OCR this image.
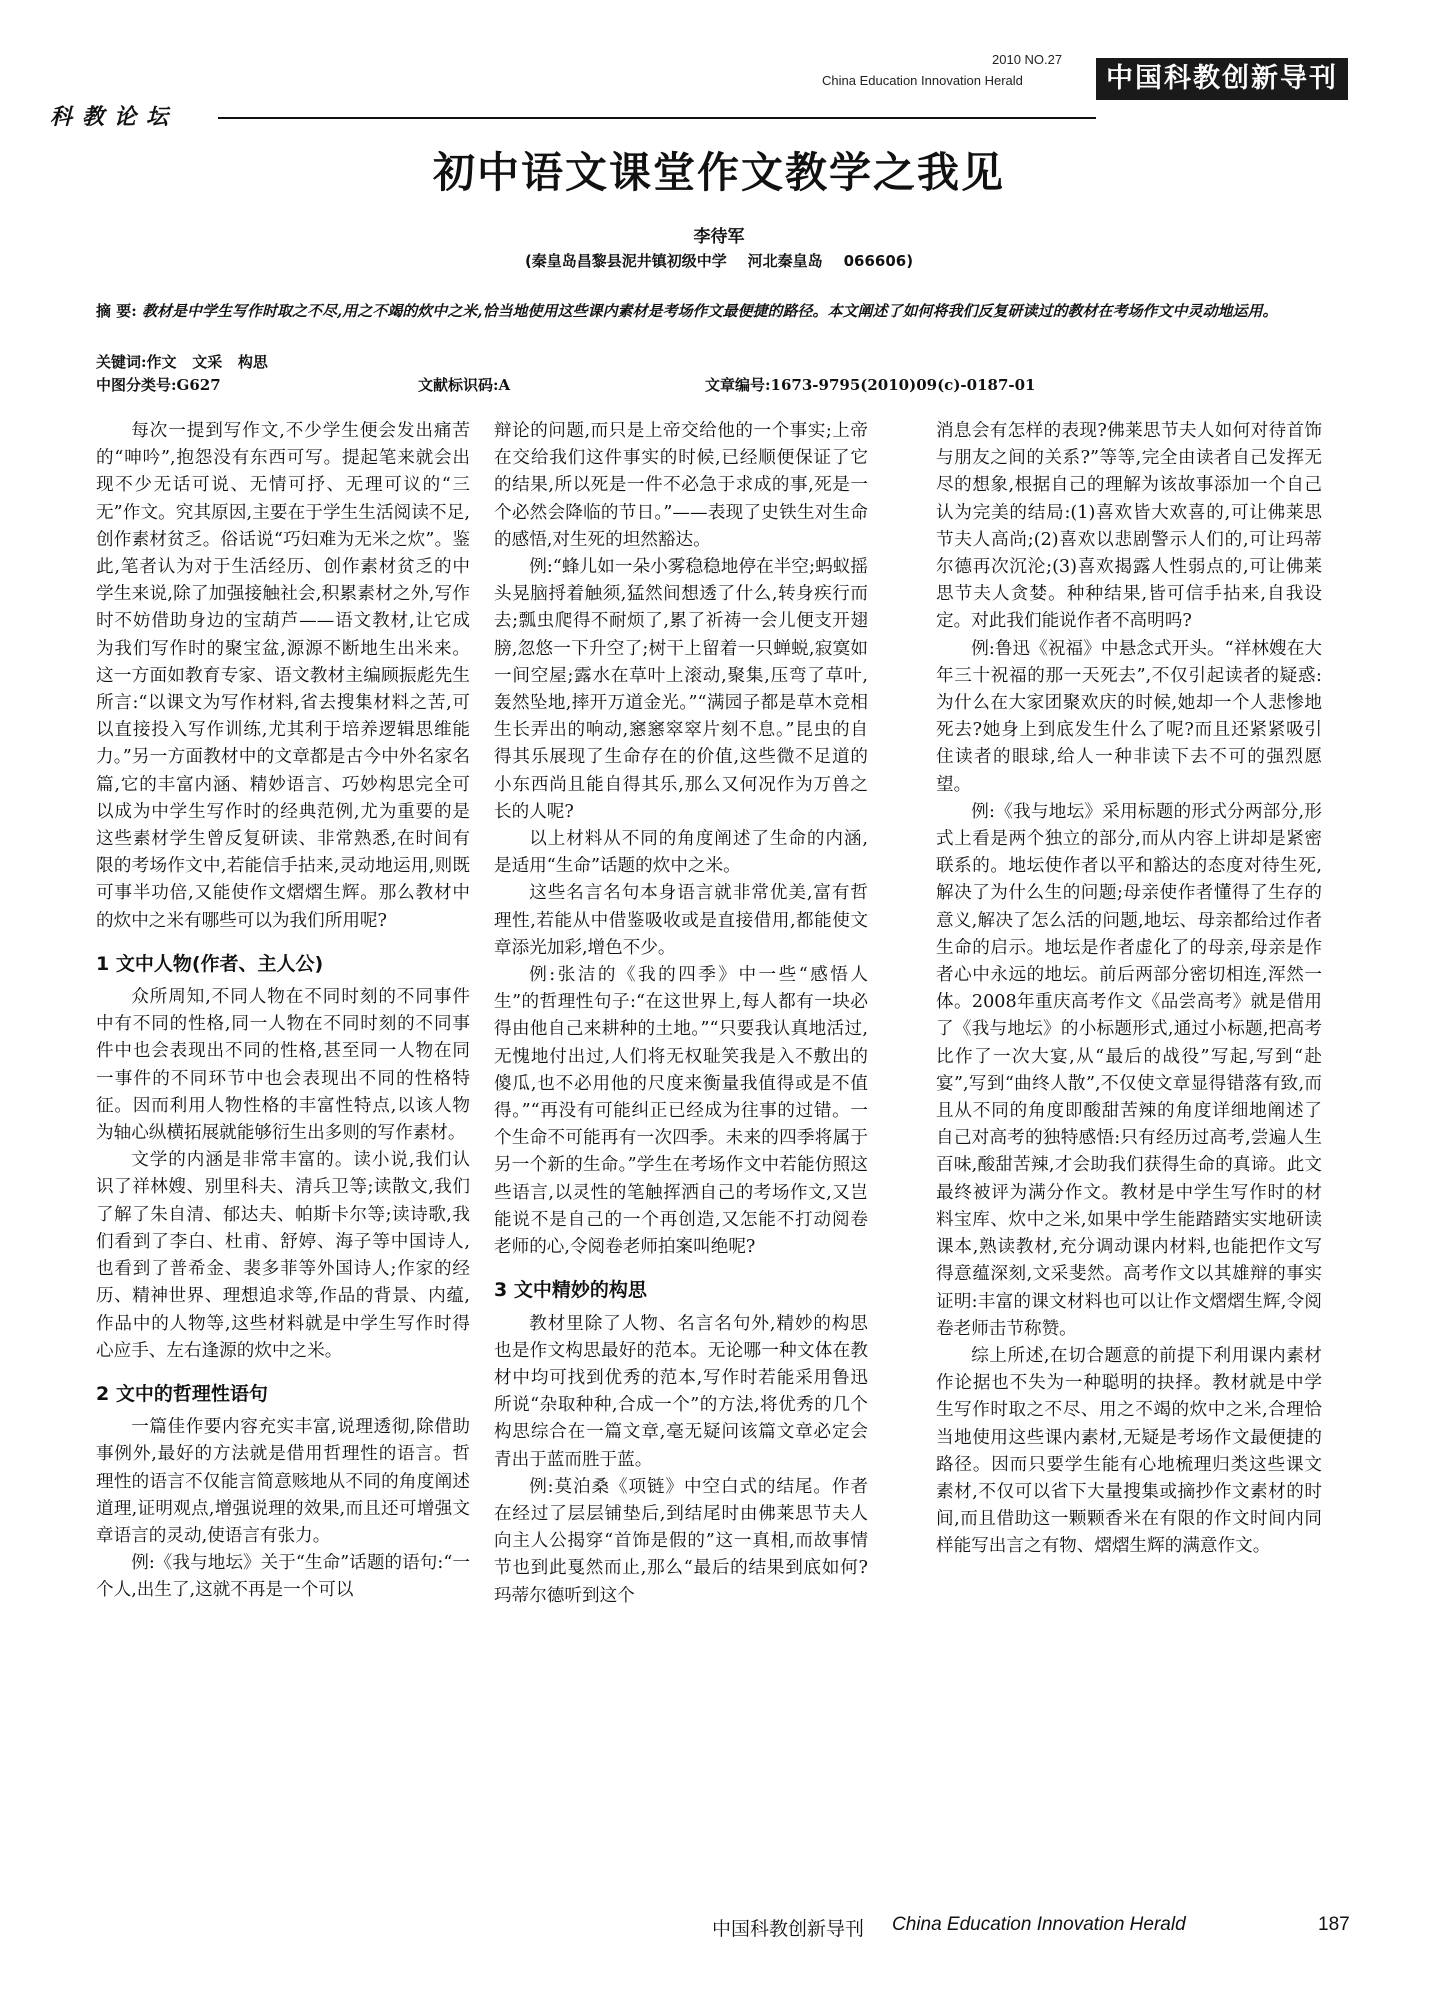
2010 NO.27
China Education Innovation Herald	中国科教创新导刊
科教论坛
初中语文课堂作文教学之我见
李待军
(秦皇岛昌黎县泥井镇初级中学    河北秦皇岛    066606)
摘 要: 教材是中学生写作时取之不尽,用之不竭的炊中之米,恰当地使用这些课内素材是考场作文最便捷的路径。本文阐述了如何将我们反复研读过的教材在考场作文中灵动地运用。
关键词:作文   文采   构思
中图分类号:G627	文献标识码:A	文章编号:1673-9795(2010)09(c)-0187-01

每次一提到写作文,不少学生便会发出痛苦的“呻吟”,抱怨没有东西可写。提起笔来就会出现不少无话可说、无情可抒、无理可议的“三无”作文。究其原因,主要在于学生生活阅读不足,创作素材贫乏。俗话说“巧妇难为无米之炊”。鉴此,笔者认为对于生活经历、创作素材贫乏的中学生来说,除了加强接触社会,积累素材之外,写作时不妨借助身边的宝葫芦——语文教材,让它成为我们写作时的聚宝盆,源源不断地生出米来。这一方面如教育专家、语文教材主编顾振彪先生所言:“以课文为写作材料,省去搜集材料之苦,可以直接投入写作训练,尤其利于培养逻辑思维能力。”另一方面教材中的文章都是古今中外名家名篇,它的丰富内涵、精妙语言、巧妙构思完全可以成为中学生写作时的经典范例,尤为重要的是这些素材学生曾反复研读、非常熟悉,在时间有限的考场作文中,若能信手拈来,灵动地运用,则既可事半功倍,又能使作文熠熠生辉。那么教材中的炊中之米有哪些可以为我们所用呢?

1 文中人物(作者、主人公)

众所周知,不同人物在不同时刻的不同事件中有不同的性格,同一人物在不同时刻的不同事件中也会表现出不同的性格,甚至同一人物在同一事件的不同环节中也会表现出不同的性格特征。因而利用人物性格的丰富性特点,以该人物为轴心纵横拓展就能够衍生出多则的写作素材。

文学的内涵是非常丰富的。读小说,我们认识了祥林嫂、别里科夫、清兵卫等;读散文,我们了解了朱自清、郁达夫、帕斯卡尔等;读诗歌,我们看到了李白、杜甫、舒婷、海子等中国诗人,也看到了普希金、裴多菲等外国诗人;作家的经历、精神世界、理想追求等,作品的背景、内蕴,作品中的人物等,这些材料就是中学生写作时得心应手、左右逢源的炊中之米。

2 文中的哲理性语句

一篇佳作要内容充实丰富,说理透彻,除借助事例外,最好的方法就是借用哲理性的语言。哲理性的语言不仅能言简意赅地从不同的角度阐述道理,证明观点,增强说理的效果,而且还可增强文章语言的灵动,使语言有张力。

例:《我与地坛》关于“生命”话题的语句:“一个人,出生了,这就不再是一个可以

辩论的问题,而只是上帝交给他的一个事实;上帝在交给我们这件事实的时候,已经顺便保证了它的结果,所以死是一件不必急于求成的事,死是一个必然会降临的节日。”——表现了史铁生对生命的感悟,对生死的坦然豁达。

例:“蜂儿如一朵小雾稳稳地停在半空;蚂蚁摇头晃脑捋着触须,猛然间想透了什么,转身疾行而去;瓢虫爬得不耐烦了,累了祈祷一会儿便支开翅膀,忽悠一下升空了;树干上留着一只蝉蜕,寂寞如一间空屋;露水在草叶上滚动,聚集,压弯了草叶,轰然坠地,摔开万道金光。”“满园子都是草木竞相生长弄出的响动,窸窸窣窣片刻不息。”昆虫的自得其乐展现了生命存在的价值,这些微不足道的小东西尚且能自得其乐,那么又何况作为万兽之长的人呢?

以上材料从不同的角度阐述了生命的内涵,是适用“生命”话题的炊中之米。

这些名言名句本身语言就非常优美,富有哲理性,若能从中借鉴吸收或是直接借用,都能使文章添光加彩,增色不少。

例:张洁的《我的四季》中一些“感悟人生”的哲理性句子:“在这世界上,每人都有一块必得由他自己来耕种的土地。”“只要我认真地活过,无愧地付出过,人们将无权耻笑我是入不敷出的傻瓜,也不必用他的尺度来衡量我值得或是不值得。”“再没有可能纠正已经成为往事的过错。一个生命不可能再有一次四季。未来的四季将属于另一个新的生命。”学生在考场作文中若能仿照这些语言,以灵性的笔触挥洒自己的考场作文,又岂能说不是自己的一个再创造,又怎能不打动阅卷老师的心,令阅卷老师拍案叫绝呢?

3 文中精妙的构思

教材里除了人物、名言名句外,精妙的构思也是作文构思最好的范本。无论哪一种文体在教材中均可找到优秀的范本,写作时若能采用鲁迅所说“杂取种种,合成一个”的方法,将优秀的几个构思综合在一篇文章,毫无疑问该篇文章必定会青出于蓝而胜于蓝。

例:莫泊桑《项链》中空白式的结尾。作者在经过了层层铺垫后,到结尾时由佛莱思节夫人向主人公揭穿“首饰是假的”这一真相,而故事情节也到此戛然而止,那么“最后的结果到底如何?玛蒂尔德听到这个

消息会有怎样的表现?佛莱思节夫人如何对待首饰与朋友之间的关系?”等等,完全由读者自己发挥无尽的想象,根据自己的理解为该故事添加一个自己认为完美的结局:(1)喜欢皆大欢喜的,可让佛莱思节夫人高尚;(2)喜欢以悲剧警示人们的,可让玛蒂尔德再次沉沦;(3)喜欢揭露人性弱点的,可让佛莱思节夫人贪婪。种种结果,皆可信手拈来,自我设定。对此我们能说作者不高明吗?

例:鲁迅《祝福》中悬念式开头。“祥林嫂在大年三十祝福的那一天死去”,不仅引起读者的疑惑:为什么在大家团聚欢庆的时候,她却一个人悲惨地死去?她身上到底发生什么了呢?而且还紧紧吸引住读者的眼球,给人一种非读下去不可的强烈愿望。

例:《我与地坛》采用标题的形式分两部分,形式上看是两个独立的部分,而从内容上讲却是紧密联系的。地坛使作者以平和豁达的态度对待生死,解决了为什么生的问题;母亲使作者懂得了生存的意义,解决了怎么活的问题,地坛、母亲都给过作者生命的启示。地坛是作者虚化了的母亲,母亲是作者心中永远的地坛。前后两部分密切相连,浑然一体。2008年重庆高考作文《品尝高考》就是借用了《我与地坛》的小标题形式,通过小标题,把高考比作了一次大宴,从“最后的战役”写起,写到“赴宴”,写到“曲终人散”,不仅使文章显得错落有致,而且从不同的角度即酸甜苦辣的角度详细地阐述了自己对高考的独特感悟:只有经历过高考,尝遍人生百味,酸甜苦辣,才会助我们获得生命的真谛。此文最终被评为满分作文。教材是中学生写作时的材料宝库、炊中之米,如果中学生能踏踏实实地研读课本,熟读教材,充分调动课内材料,也能把作文写得意蕴深刻,文采斐然。高考作文以其雄辩的事实证明:丰富的课文材料也可以让作文熠熠生辉,令阅卷老师击节称赞。

综上所述,在切合题意的前提下利用课内素材作论据也不失为一种聪明的抉择。教材就是中学生写作时取之不尽、用之不竭的炊中之米,合理恰当地使用这些课内素材,无疑是考场作文最便捷的路径。因而只要学生能有心地梳理归类这些课文素材,不仅可以省下大量搜集或摘抄作文素材的时间,而且借助这一颗颗香米在有限的作文时间内同样能写出言之有物、熠熠生辉的满意作文。

中国科教创新导刊 China Education Innovation Herald	187
